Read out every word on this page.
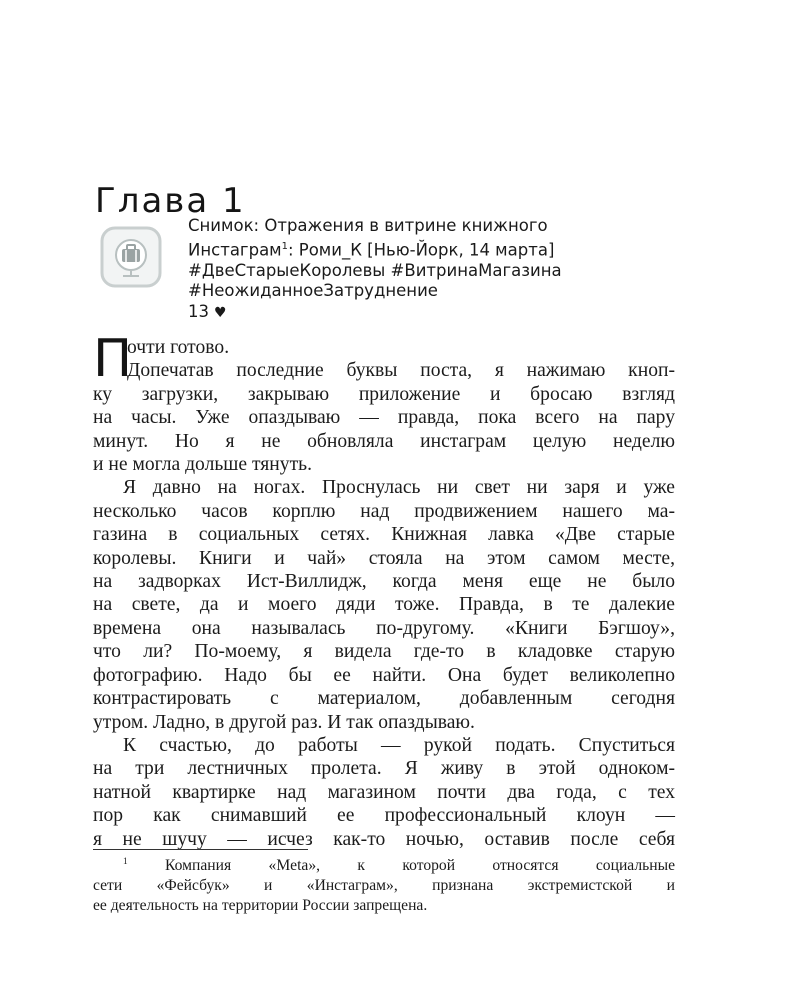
Глава 1
Снимок: Отражения в витрине книжного
Инстаграм$^1$: Роми_К [Нью-Йорк, 14 марта]
#ДвеСтарыеКоролевы #ВитринаМагазина
#НеожиданноеЗатруднение
13 ♥
П
очти готово.
Допечатав последние буквы поста, я нажимаю кноп-
ку загрузки, закрываю приложение и бросаю взгляд
на часы. Уже опаздываю — правда, пока всего на пару
минут. Но я не обновляла инстаграм целую неделю
и не могла дольше тянуть.
Я давно на ногах. Проснулась ни свет ни заря и уже
несколько часов корплю над продвижением нашего ма-
газина в социальных сетях. Книжная лавка «Две старые
королевы. Книги и чай» стояла на этом самом месте,
на задворках Ист-Виллидж, когда меня еще не было
на свете, да и моего дяди тоже. Правда, в те далекие
времена она называлась по-другому. «Книги Бэгшоу»,
что ли? По-моему, я видела где-то в кладовке старую
фотографию. Надо бы ее найти. Она будет великолепно
контрастировать с материалом, добавленным сегодня
утром. Ладно, в другой раз. И так опаздываю.
К счастью, до работы — рукой подать. Спуститься
на три лестничных пролета. Я живу в этой одноком-
натной квартирке над магазином почти два года, с тех
пор как снимавший ее профессиональный клоун —
я не шучу — исчез как-то ночью, оставив после себя
$^1$ Компания «Meta», к которой относятся социальные
сети «Фейсбук» и «Инстаграм», признана экстремистской и
ее деятельность на территории России запрещена.
